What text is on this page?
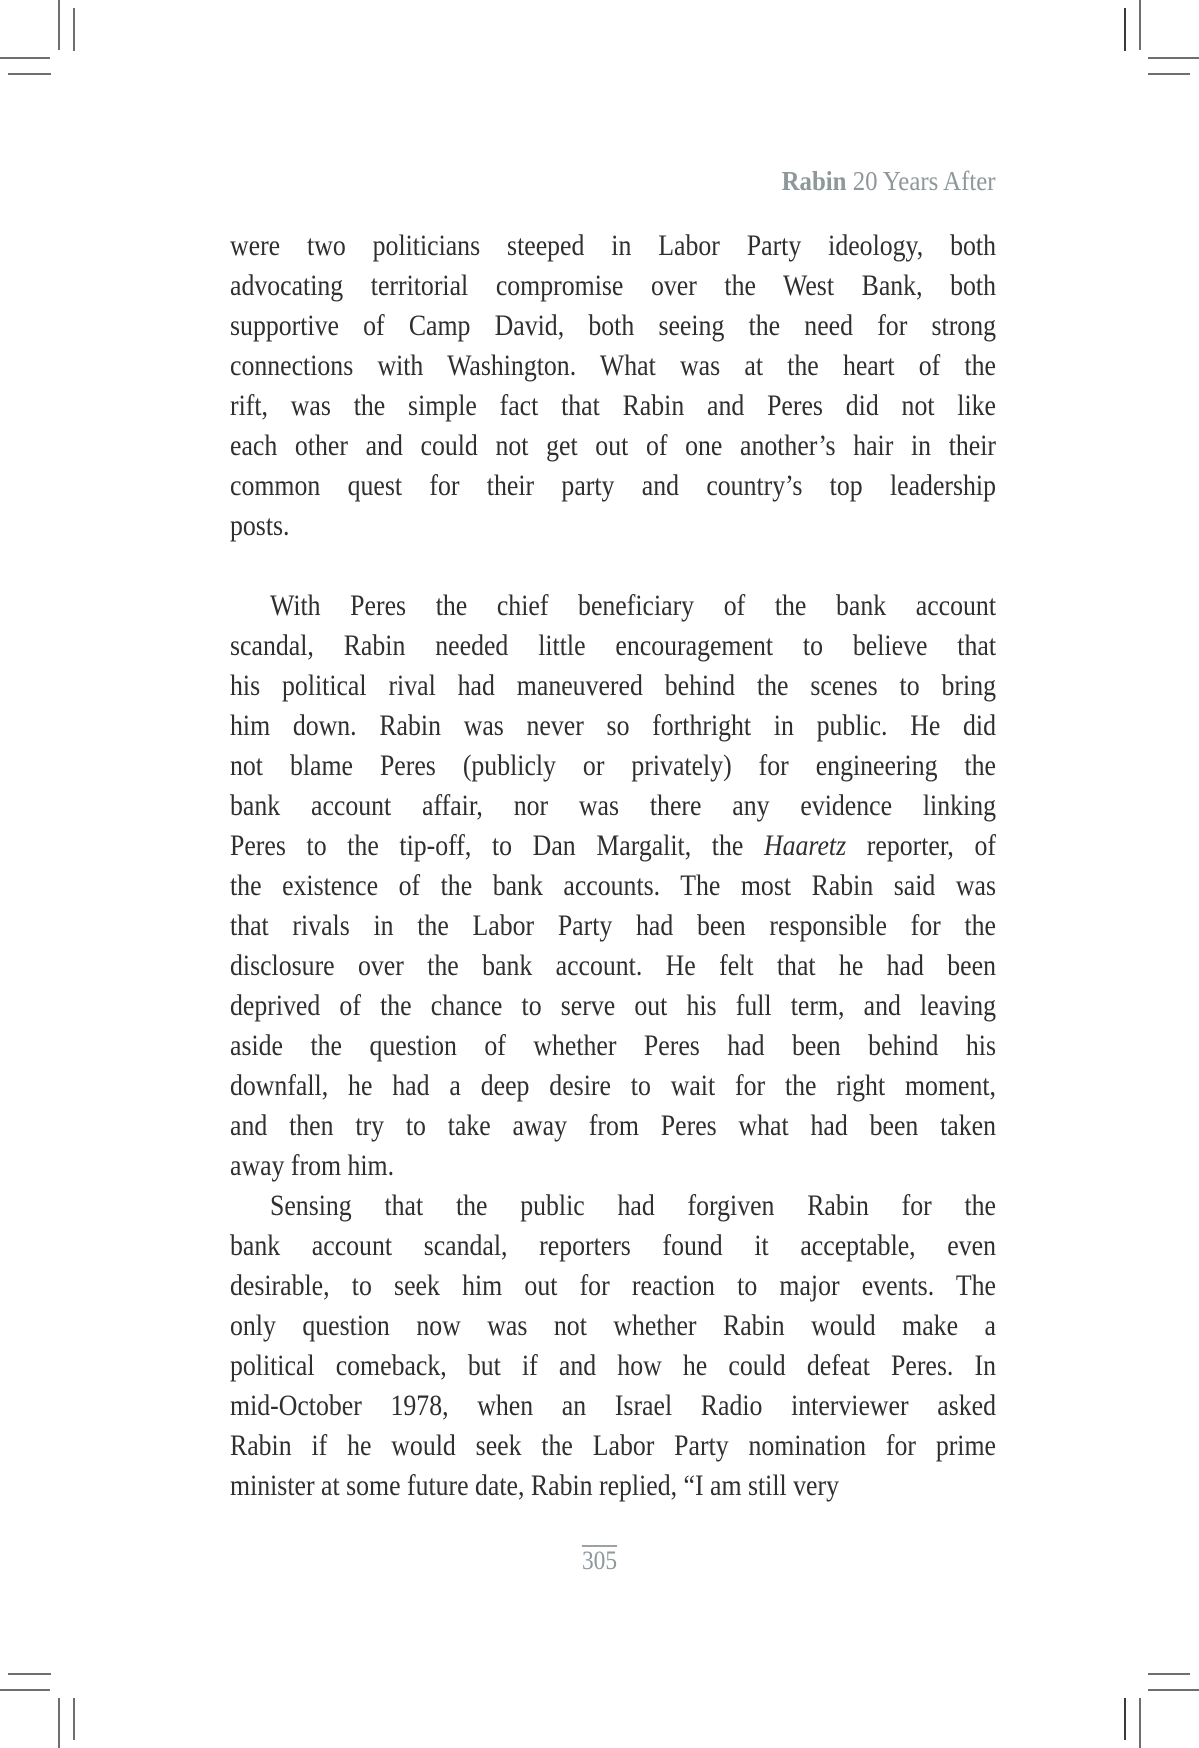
Rabin 20 Years After
were two politicians steeped in Labor Party ideology, both
advocating territorial compromise over the West Bank, both
supportive of Camp David, both seeing the need for strong
connections with Washington. What was at the heart of the
rift, was the simple fact that Rabin and Peres did not like
each other and could not get out of one another’s hair in their
common quest for their party and country’s top leadership
posts.
With Peres the chief beneficiary of the bank account
scandal, Rabin needed little encouragement to believe that
his political rival had maneuvered behind the scenes to bring
him down. Rabin was never so forthright in public. He did
not blame Peres (publicly or privately) for engineering the
bank account affair, nor was there any evidence linking
Peres to the tip-off, to Dan Margalit, the Haaretz reporter, of
the existence of the bank accounts. The most Rabin said was
that rivals in the Labor Party had been responsible for the
disclosure over the bank account. He felt that he had been
deprived of the chance to serve out his full term, and leaving
aside the question of whether Peres had been behind his
downfall, he had a deep desire to wait for the right moment,
and then try to take away from Peres what had been taken
away from him.
Sensing that the public had forgiven Rabin for the
bank account scandal, reporters found it acceptable, even
desirable, to seek him out for reaction to major events. The
only question now was not whether Rabin would make a
political comeback, but if and how he could defeat Peres. In
mid-October 1978, when an Israel Radio interviewer asked
Rabin if he would seek the Labor Party nomination for prime
minister at some future date, Rabin replied, “I am still very
305
